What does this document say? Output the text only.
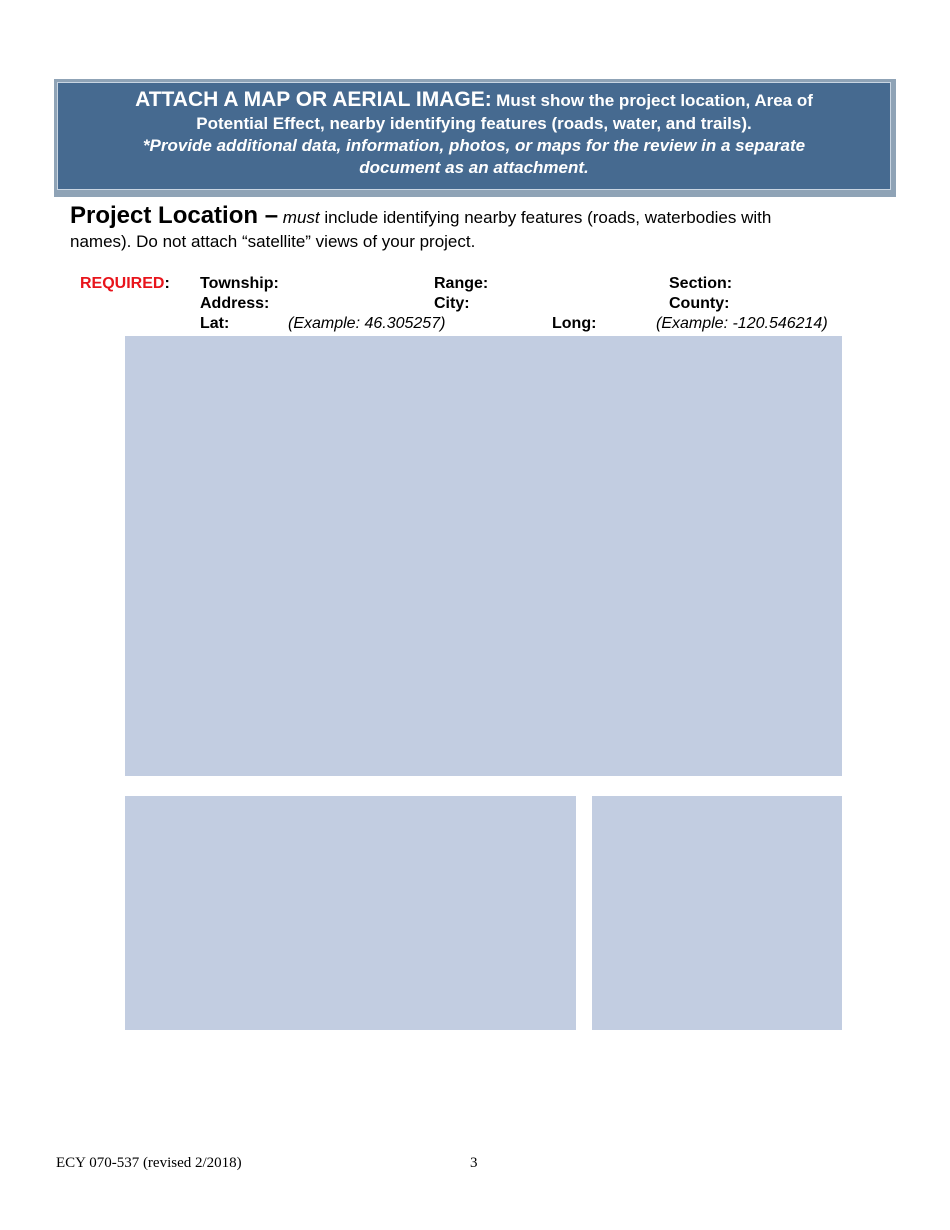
ATTACH A MAP OR AERIAL IMAGE: Must show the project location, Area of
Potential Effect, nearby identifying features (roads, water, and trails).
*Provide additional data, information, photos, or maps for the review in a separate
document as an attachment.
Project Location – must include identifying nearby features (roads, waterbodies with
names). Do not attach “satellite” views of your project.
REQUIRED: Township:	Range:	Section:
Address:	City:	County:
Lat:	(Example: 46.305257)	Long:	(Example: -120.546214)
ECY 070-537 (revised 2/2018)	3
